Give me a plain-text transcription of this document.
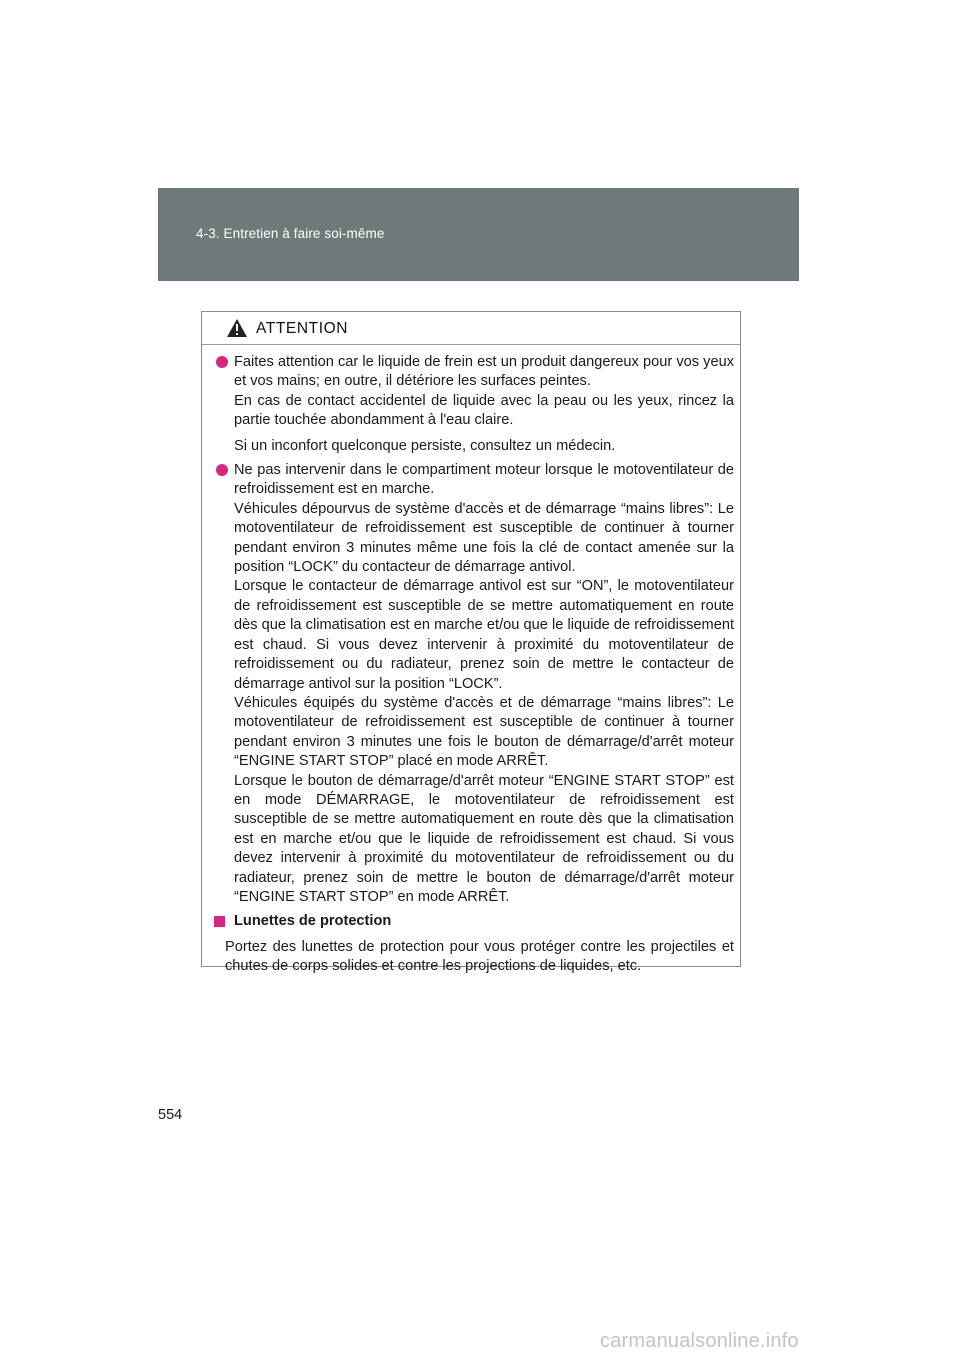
4-3. Entretien à faire soi-même
ATTENTION

Faites attention car le liquide de frein est un produit dangereux pour vos yeux et vos mains; en outre, il détériore les surfaces peintes.

En cas de contact accidentel de liquide avec la peau ou les yeux, rincez la partie touchée abondamment à l'eau claire.

Si un inconfort quelconque persiste, consultez un médecin.

Ne pas intervenir dans le compartiment moteur lorsque le motoventilateur de refroidissement est en marche.

Véhicules dépourvus de système d'accès et de démarrage “mains libres”: Le motoventilateur de refroidissement est susceptible de continuer à tourner pendant environ 3 minutes même une fois la clé de contact amenée sur la position “LOCK” du contacteur de démarrage antivol.

Lorsque le contacteur de démarrage antivol est sur “ON”, le motoventilateur de refroidissement est susceptible de se mettre automatiquement en route dès que la climatisation est en marche et/ou que le liquide de refroidissement est chaud. Si vous devez intervenir à proximité du motoventilateur de refroidissement ou du radiateur, prenez soin de mettre le contacteur de démarrage antivol sur la position “LOCK”.

Véhicules équipés du système d'accès et de démarrage “mains libres”: Le motoventilateur de refroidissement est susceptible de continuer à tourner pendant environ 3 minutes une fois le bouton de démarrage/d'arrêt moteur “ENGINE START STOP” placé en mode ARRÊT.

Lorsque le bouton de démarrage/d'arrêt moteur “ENGINE START STOP” est en mode DÉMARRAGE, le motoventilateur de refroidissement est susceptible de se mettre automatiquement en route dès que la climatisation est en marche et/ou que le liquide de refroidissement est chaud. Si vous devez intervenir à proximité du motoventilateur de refroidissement ou du radiateur, prenez soin de mettre le bouton de démarrage/d'arrêt moteur “ENGINE START STOP” en mode ARRÊT.

Lunettes de protection
Portez des lunettes de protection pour vous protéger contre les projectiles et chutes de corps solides et contre les projections de liquides, etc.
554
carmanualsonline.info
